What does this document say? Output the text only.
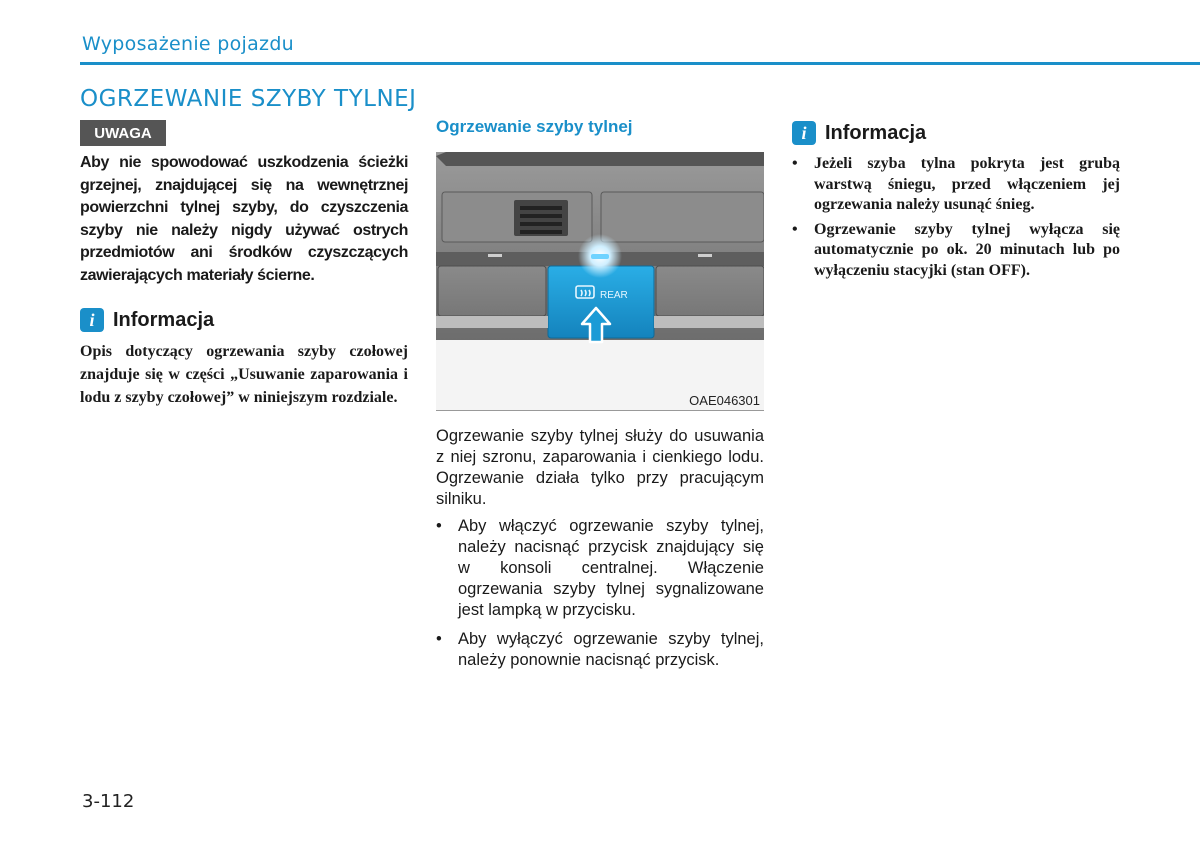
Wyposażenie pojazdu
OGRZEWANIE SZYBY TYLNEJ
UWAGA
Aby nie spowodować uszkodzenia ścieżki grzejnej, znajdującej się na wewnętrznej powierzchni tylnej szyby, do czyszczenia szyby nie należy nigdy używać ostrych przedmiotów ani środków czyszczących zawierających materiały ścierne.
i Informacja
Opis dotyczący ogrzewania szyby czołowej znajduje się w części „Usuwanie zaparowania i lodu z szyby czołowej” w niniejszym rozdziale.
Ogrzewanie szyby tylnej
REAR
OAE046301
Ogrzewanie szyby tylnej służy do usuwania z niej szronu, zaparowania i cienkiego lodu. Ogrzewanie działa tylko przy pracującym silniku.
• Aby włączyć ogrzewanie szyby tylnej, należy nacisnąć przycisk znajdujący się w konsoli centralnej. Włączenie ogrzewania szyby tylnej sygnalizowane jest lampką w przycisku.
• Aby wyłączyć ogrzewanie szyby tylnej, należy ponownie nacisnąć przycisk.
i Informacja
•	Jeżeli szyba tylna pokryta jest grubą warstwą śniegu, przed włączeniem jej ogrzewania należy usunąć śnieg.
•	Ogrzewanie szyby tylnej wyłącza się automatycznie po ok. 20 minutach lub po wyłączeniu stacyjki (stan OFF).
3-112
